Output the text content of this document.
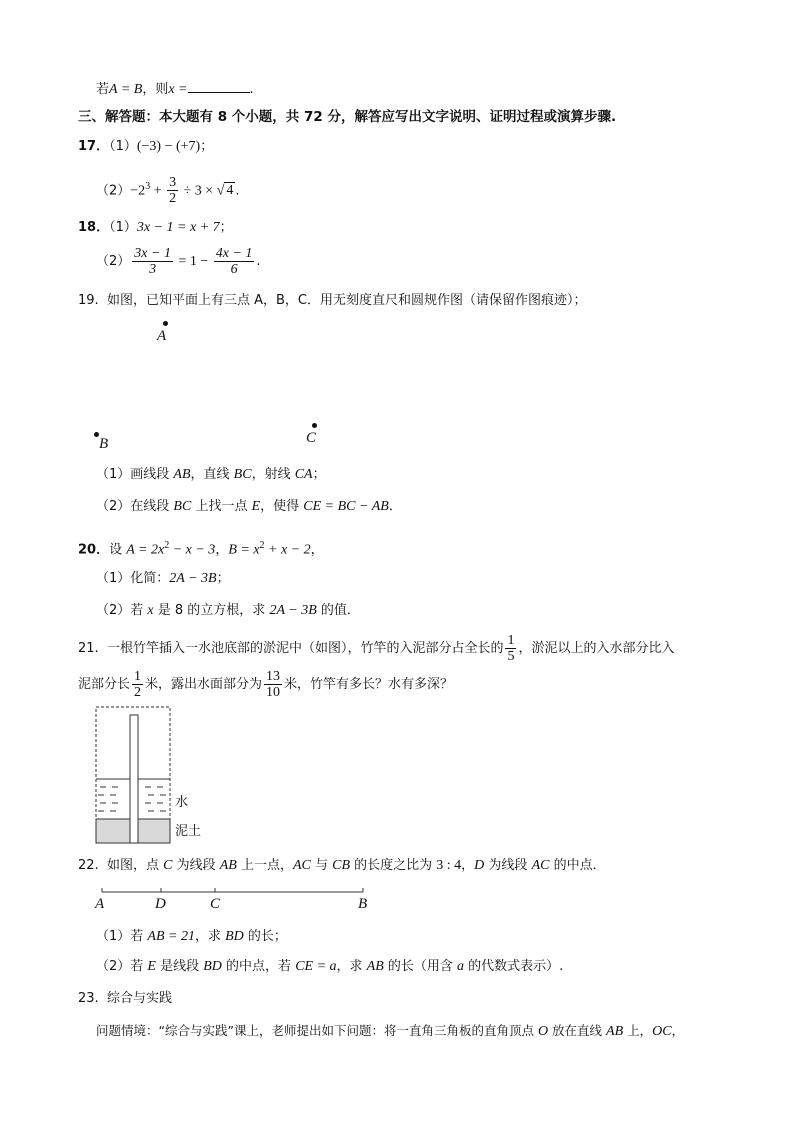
若A = B，则x =	.
三、解答题：本大题有 8 个小题，共 72 分，解答应写出文字说明、证明过程或演算步骤.
17．（1）(−3) − (+7)；
$(2)-2^3 + \frac{3}{2} \div 3$ × √ 4 .
18．（1）3x − 1 = x + 7；
$(2) \frac{3x - 1}{3} = 1 - \frac{4x - 1}{6}$ .
19. 如图，已知平面上有三点 A，B，C．用无刻度直尺和圆规作图（请保留作图痕迹）；
A
B	C
（1）画线段 AB，直线 BC，射线 CA；
（2）在线段 BC 上找一点 E，使得 CE = BC − AB．
20．设 $A = 2x^2 - x - 3$，$B = x^2 + x - 2$，
（1）化简：2A − 3B；
（2）若 x 是 8 的立方根，求 2A − 3B 的值．
21. 一根竹竿插入一水池底部的淤泥中（如图），竹竿的入泥部分占全长的 $\frac{1}{5}$ ，淤泥以上的入水部分比入
泥部分长 $\frac{1}{2}$ 米，露出水面部分为 $\frac{13}{10}$ 米，竹竿有多长？水有多深？
水
泥土
22. 如图，点 C 为线段 AB 上一点，AC 与 CB 的长度之比为 3 : 4，D 为线段 AC 的中点．
A	D	C	B
（1）若 AB = 21，求 BD 的长；
（2）若 E 是线段 BD 的中点，若 CE = a，求 AB 的长（用含 a 的代数式表示）.
23. 综合与实践
问题情境：“综合与实践”课上，老师提出如下问题：将一直角三角板的直角顶点 O 放在直线 AB 上，OC，
